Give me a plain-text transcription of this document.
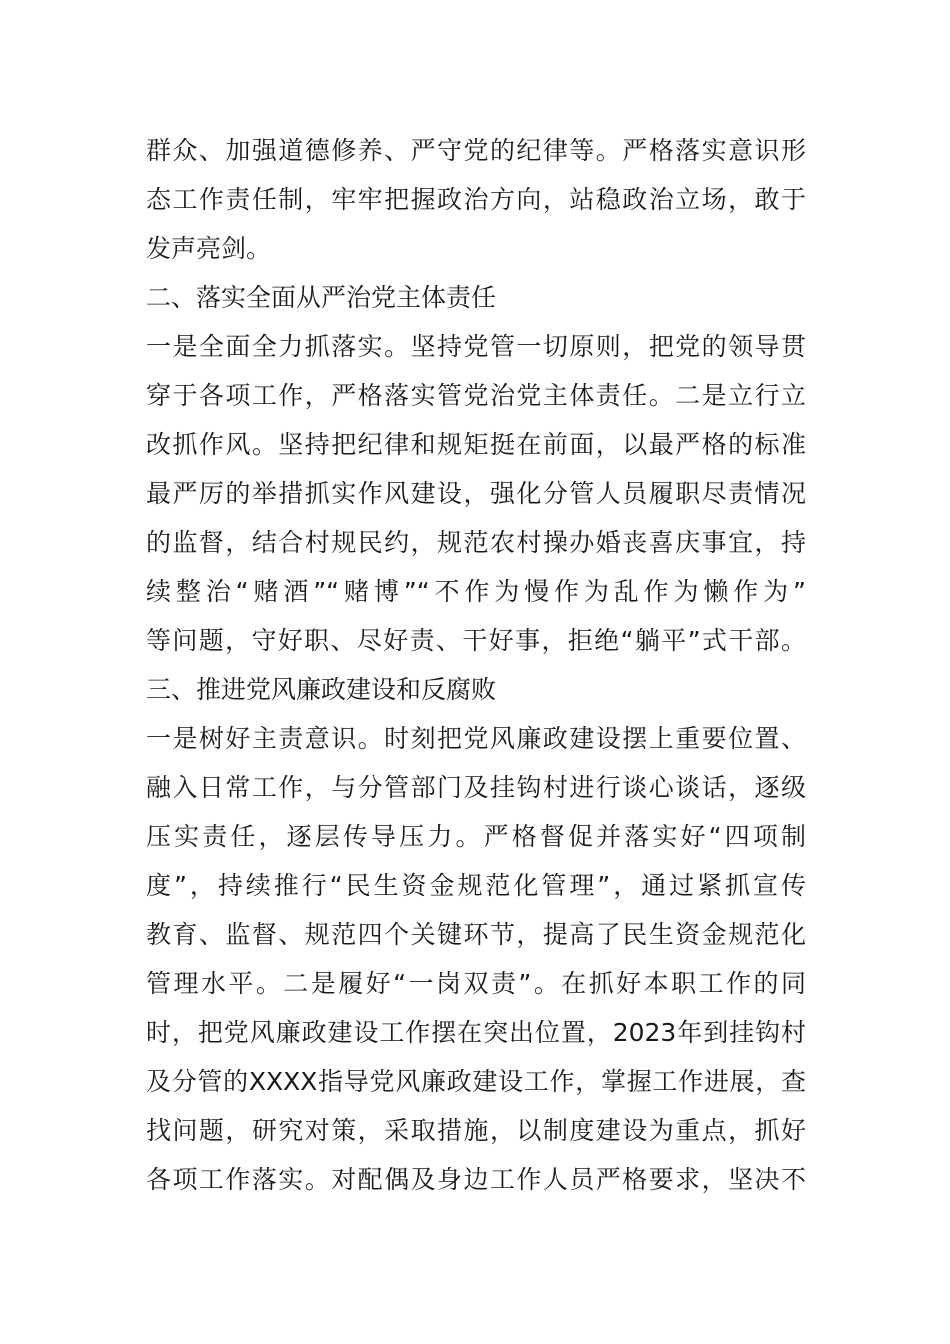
群众、加强道德修养、严守党的纪律等。严格落实意识形
态工作责任制，牢牢把握政治方向，站稳政治立场，敢于
发声亮剑。
二、落实全面从严治党主体责任
一是全面全力抓落实。坚持党管一切原则，把党的领导贯
穿于各项工作，严格落实管党治党主体责任。二是立行立
改抓作风。坚持把纪律和规矩挺在前面，以最严格的标准
最严厉的举措抓实作风建设，强化分管人员履职尽责情况
的监督，结合村规民约，规范农村操办婚丧喜庆事宜，持
续整治“赌酒”“赌博”“不作为慢作为乱作为懒作为”
等问题，守好职、尽好责、干好事，拒绝“躺平”式干部。
三、推进党风廉政建设和反腐败
一是树好主责意识。时刻把党风廉政建设摆上重要位置、
融入日常工作，与分管部门及挂钩村进行谈心谈话，逐级
压实责任，逐层传导压力。严格督促并落实好“四项制
度”，持续推行“民生资金规范化管理”，通过紧抓宣传
教育、监督、规范四个关键环节，提高了民生资金规范化
管理水平。二是履好“一岗双责”。在抓好本职工作的同
时，把党风廉政建设工作摆在突出位置，2023年到挂钩村
及分管的XXXX指导党风廉政建设工作，掌握工作进展，查
找问题，研究对策，采取措施，以制度建设为重点，抓好
各项工作落实。对配偶及身边工作人员严格要求，坚决不
